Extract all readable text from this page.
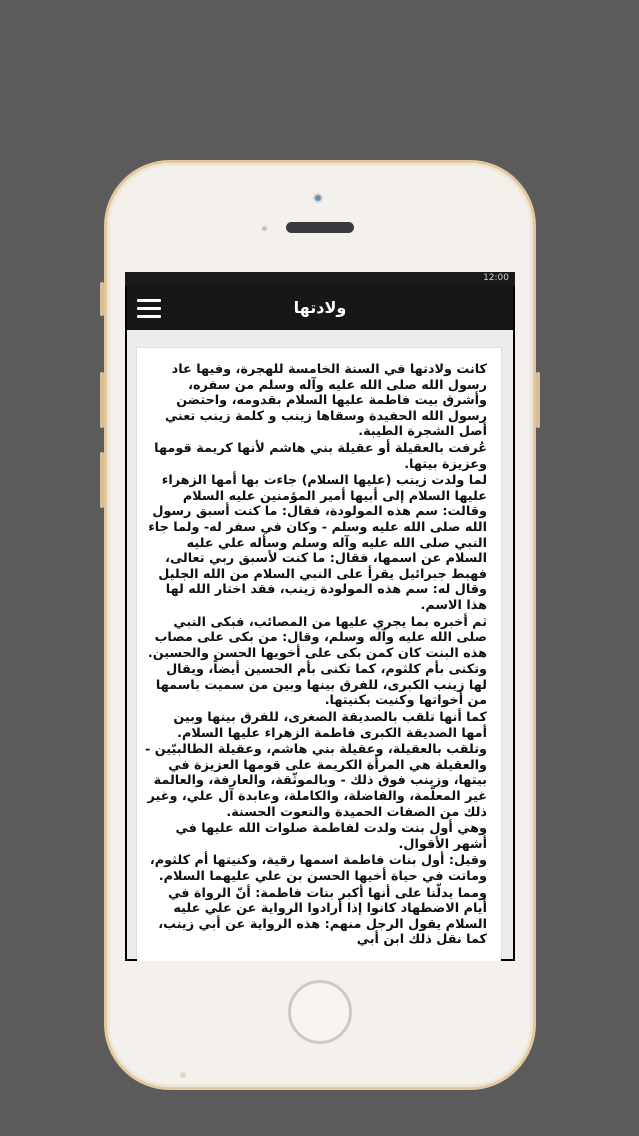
12:00
ولادتها

كانت ولادتها في السنة الخامسة للهجرة، وفيها عاد رسول الله صلى الله عليه وآله وسلم من سفره، وأشرق بيت فاطمة عليها السلام بقدومه، واحتضن رسول الله الحفيدة وسقاها زينب و كلمة زينب تعني أصل الشجرة الطيبة.

عُرفت بالعقيلة أو عقيلة بني هاشم لأنها كريمة قومها وعزيزة بيتها.

لما ولدت زينب (عليها السلام) جاءت بها أمها الزهراء عليها السلام إلى أبيها أمير المؤمنين عليه السلام وقالت: سم هذه المولودة، فقال: ما كنت أسبق رسول الله صلى الله عليه وسلم - وكان في سفر له- ولما جاء النبي صلى الله عليه وآله وسلم وسأله علي عليه السلام عن اسمها، فقال: ما كنت لأسبق ربي تعالى، فهبط جبرائيل يقرأ على النبي السلام من الله الجليل وقال له: سم هذه المولودة زينب، فقد اختار الله لها هذا الاسم.

ثم أخبره بما يجري عليها من المصائب، فبكى النبي صلى الله عليه وآله وسلم، وقال: من بكى على مصاب هذه البنت كان كمن بكى على أخويها الحسن والحسين.

وتكنى بأم كلثوم، كما تكنى بأم الحسين أيضاً، ويقال لها زينب الكبرى، للفرق بينها وبين من سميت باسمها من أخواتها وكنيت بكنيتها.

كما أنها تلقب بالصديقة الصغرى، للفرق بينها وبين أمها الصديقة الكبرى فاطمة الزهراء عليها السلام.

وتلقب بالعقيلة، وعقيلة بني هاشم، وعقيلة الطالبيّين - والعقيلة هي المرأة الكريمة على قومها العزيزة في بيتها، وزينب فوق ذلك - وبالموثّقة، والعارفة، والعالمة غير المعلّمة، والفاضلة، والكاملة، وعابدة آل علي، وغير ذلك من الصفات الحميدة والنعوت الحسنة.

وهي أول بنت ولدت لفاطمة صلوات الله عليها في أشهر الأقوال.

وقيل: أول بنات فاطمة اسمها رقية، وكنيتها أم كلثوم، وماتت في حياة أخيها الحسن بن علي عليهما السلام.

ومما يدلّنا على أنها أكبر بنات فاطمة: أنّ الرواة في أيام الاضطهاد كانوا إذا أرادوا الرواية عن علي عليه السلام يقول الرجل منهم: هذه الرواية عن أبي زينب، كما نقل ذلك ابن أبي
